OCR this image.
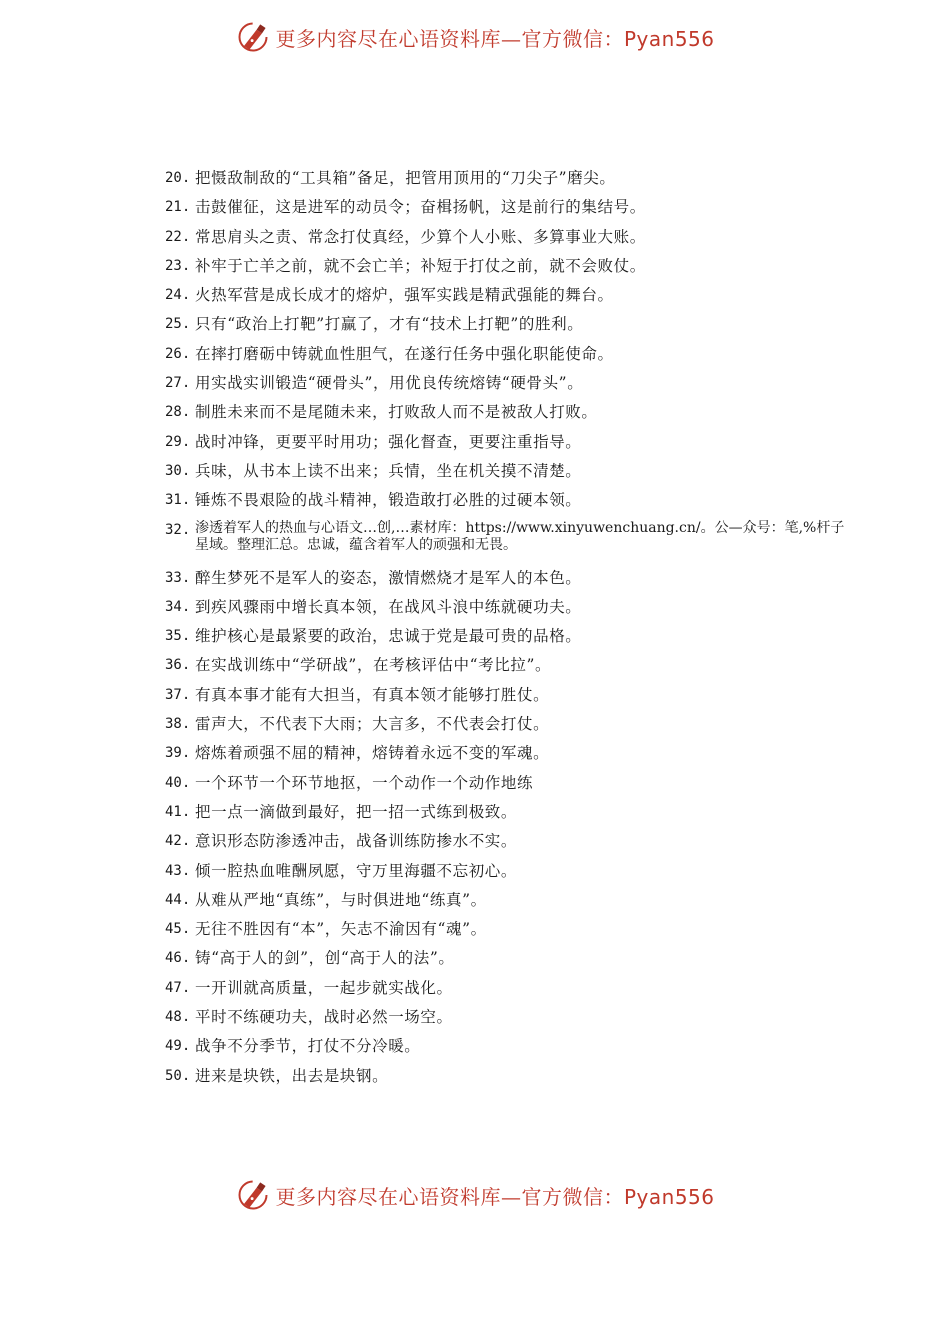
更多内容尽在心语资料库—官方微信：Pyan556
20. 把慑敌制敌的“工具箱”备足，把管用顶用的“刀尖子”磨尖。
21. 击鼓催征，这是进军的动员令；奋楫扬帆，这是前行的集结号。
22. 常思肩头之责、常念打仗真经，少算个人小账、多算事业大账。
23. 补牢于亡羊之前，就不会亡羊；补短于打仗之前，就不会败仗。
24. 火热军营是成长成才的熔炉，强军实践是精武强能的舞台。
25. 只有“政治上打靶”打赢了，才有“技术上打靶”的胜利。
26. 在摔打磨砺中铸就血性胆气，在遂行任务中强化职能使命。
27. 用实战实训锻造“硬骨头”，用优良传统熔铸“硬骨头”。
28. 制胜未来而不是尾随未来，打败敌人而不是被敌人打败。
29. 战时冲锋，更要平时用功；强化督查，更要注重指导。
30. 兵味，从书本上读不出来；兵情，坐在机关摸不清楚。
31. 锤炼不畏艰险的战斗精神，锻造敢打必胜的过硬本领。
32. 渗透着军人的热血与心语文…创,…素材库：https://www.xinyuwenchuang.cn/。公—众号：笔,%杆子星域。整理汇总。忠诚，蕴含着军人的顽强和无畏。
33. 醉生梦死不是军人的姿态，激情燃烧才是军人的本色。
34. 到疾风骤雨中增长真本领，在战风斗浪中练就硬功夫。
35. 维护核心是最紧要的政治，忠诚于党是最可贵的品格。
36. 在实战训练中“学研战”，在考核评估中“考比拉”。
37. 有真本事才能有大担当，有真本领才能够打胜仗。
38. 雷声大，不代表下大雨；大言多，不代表会打仗。
39. 熔炼着顽强不屈的精神，熔铸着永远不变的军魂。
40. 一个环节一个环节地抠，一个动作一个动作地练
41. 把一点一滴做到最好，把一招一式练到极致。
42. 意识形态防渗透冲击，战备训练防掺水不实。
43. 倾一腔热血唯酬夙愿，守万里海疆不忘初心。
44. 从难从严地“真练”，与时俱进地“练真”。
45. 无往不胜因有“本”，矢志不渝因有“魂”。
46. 铸“高于人的剑”，创“高于人的法”。
47. 一开训就高质量，一起步就实战化。
48. 平时不练硬功夫，战时必然一场空。
49. 战争不分季节，打仗不分冷暖。
50. 进来是块铁，出去是块钢。
更多内容尽在心语资料库—官方微信：Pyan556
